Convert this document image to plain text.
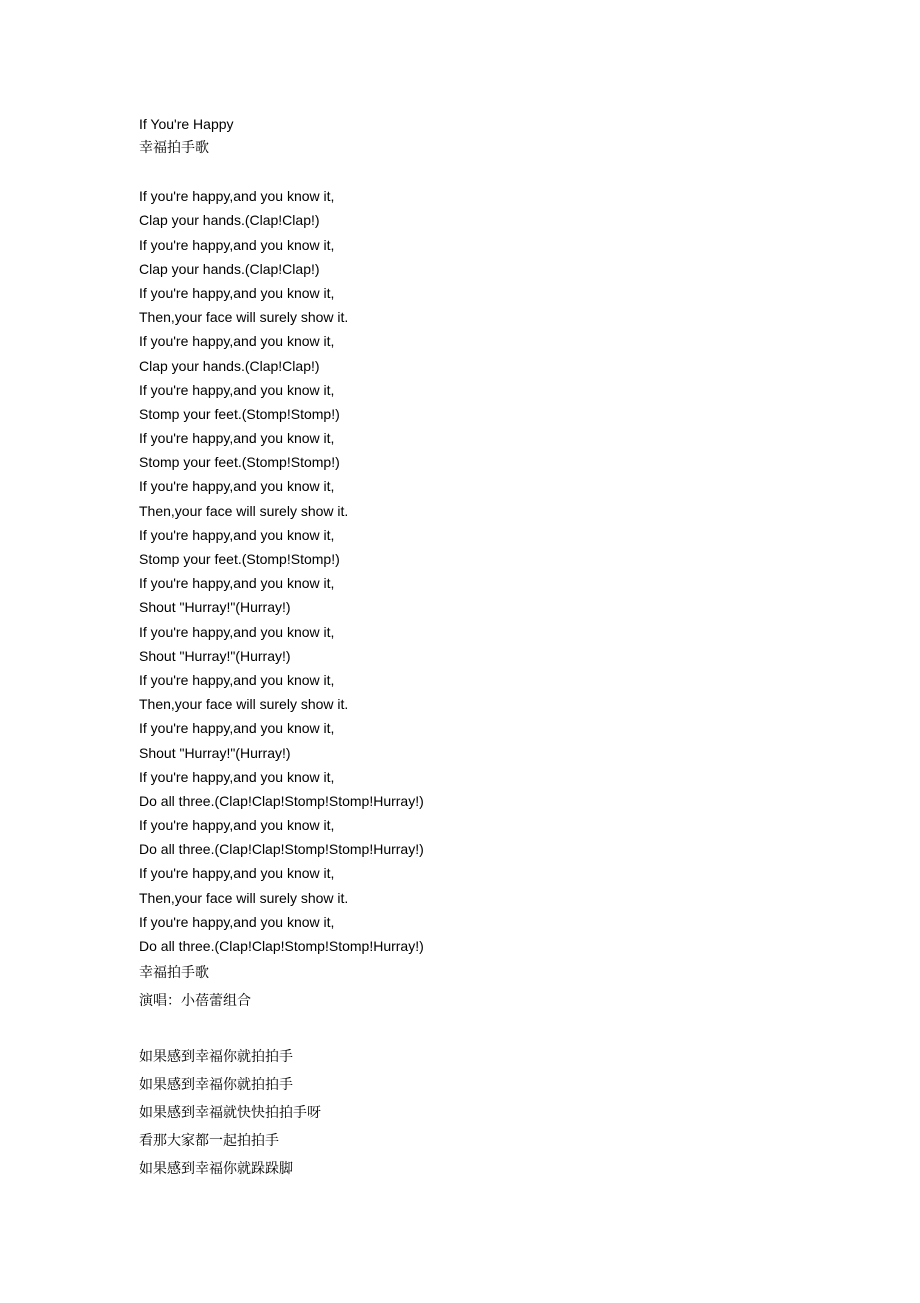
If You're Happy
幸福拍手歌
If you're happy,and you know it,
Clap your hands.(Clap!Clap!)
If you're happy,and you know it,
Clap your hands.(Clap!Clap!)
If you're happy,and you know it,
Then,your face will surely show it.
If you're happy,and you know it,
Clap your hands.(Clap!Clap!)
If you're happy,and you know it,
Stomp your feet.(Stomp!Stomp!)
If you're happy,and you know it,
Stomp your feet.(Stomp!Stomp!)
If you're happy,and you know it,
Then,your face will surely show it.
If you're happy,and you know it,
Stomp your feet.(Stomp!Stomp!)
If you're happy,and you know it,
Shout "Hurray!"(Hurray!)
If you're happy,and you know it,
Shout "Hurray!"(Hurray!)
If you're happy,and you know it,
Then,your face will surely show it.
If you're happy,and you know it,
Shout "Hurray!"(Hurray!)
If you're happy,and you know it,
Do all three.(Clap!Clap!Stomp!Stomp!Hurray!)
If you're happy,and you know it,
Do all three.(Clap!Clap!Stomp!Stomp!Hurray!)
If you're happy,and you know it,
Then,your face will surely show it.
If you're happy,and you know it,
Do all three.(Clap!Clap!Stomp!Stomp!Hurray!)
幸福拍手歌
演唱：小蓓蕾组合
如果感到幸福你就拍拍手
如果感到幸福你就拍拍手
如果感到幸福就快快拍拍手呀
看那大家都一起拍拍手
如果感到幸福你就跺跺脚
